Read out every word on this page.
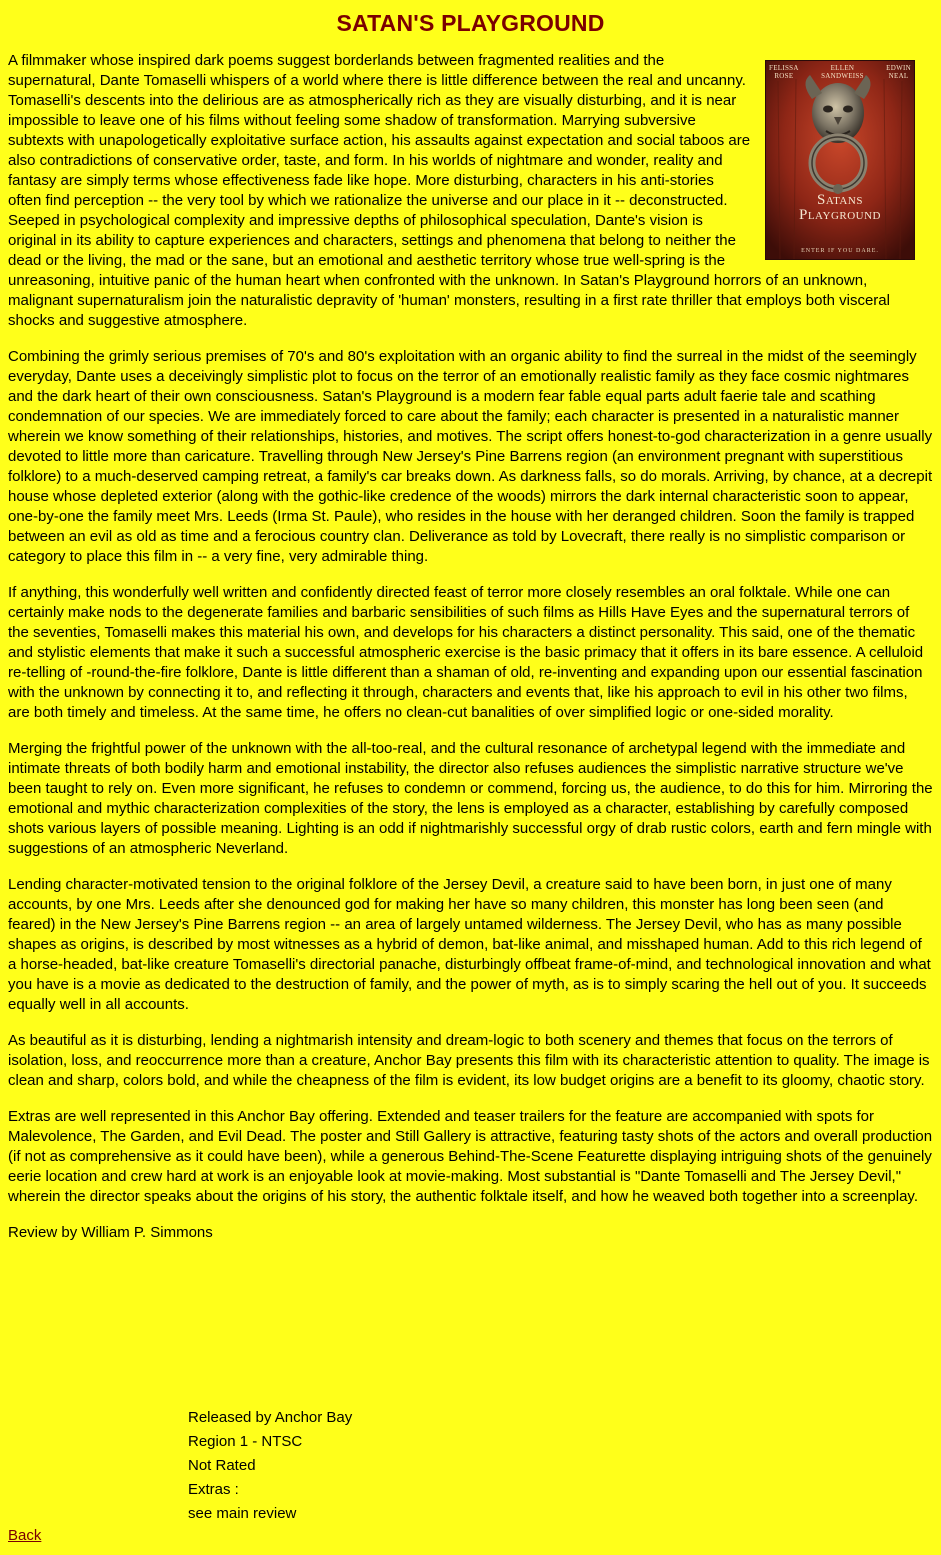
SATAN'S PLAYGROUND
FELISSA
ROSE
ELLEN
SANDWEISS
EDWIN
NEAL
Satans
Playground
ENTER IF YOU DARE.

A filmmaker whose inspired dark poems suggest borderlands between fragmented realities and the supernatural, Dante Tomaselli whispers of a world where there is little difference between the real and uncanny. Tomaselli's descents into the delirious are as atmospherically rich as they are visually disturbing, and it is near impossible to leave one of his films without feeling some shadow of transformation. Marrying subversive subtexts with unapologetically exploitative surface action, his assaults against expectation and social taboos are also contradictions of conservative order, taste, and form. In his worlds of nightmare and wonder, reality and fantasy are simply terms whose effectiveness fade like hope. More disturbing, characters in his anti-stories often find perception -- the very tool by which we rationalize the universe and our place in it -- deconstructed. Seeped in psychological complexity and impressive depths of philosophical speculation, Dante's vision is original in its ability to capture experiences and characters, settings and phenomena that belong to neither the dead or the living, the mad or the sane, but an emotional and aesthetic territory whose true well-spring is the unreasoning, intuitive panic of the human heart when confronted with the unknown. In Satan's Playground horrors of an unknown, malignant supernaturalism join the naturalistic depravity of 'human' monsters, resulting in a first rate thriller that employs both visceral shocks and suggestive atmosphere.

Combining the grimly serious premises of 70's and 80's exploitation with an organic ability to find the surreal in the midst of the seemingly everyday, Dante uses a deceivingly simplistic plot to focus on the terror of an emotionally realistic family as they face cosmic nightmares and the dark heart of their own consciousness. Satan's Playground is a modern fear fable equal parts adult faerie tale and scathing condemnation of our species. We are immediately forced to care about the family; each character is presented in a naturalistic manner wherein we know something of their relationships, histories, and motives. The script offers honest-to-god characterization in a genre usually devoted to little more than caricature. Travelling through New Jersey's Pine Barrens region (an environment pregnant with superstitious folklore) to a much-deserved camping retreat, a family's car breaks down. As darkness falls, so do morals. Arriving, by chance, at a decrepit house whose depleted exterior (along with the gothic-like credence of the woods) mirrors the dark internal characteristic soon to appear, one-by-one the family meet Mrs. Leeds (Irma St. Paule), who resides in the house with her deranged children. Soon the family is trapped between an evil as old as time and a ferocious country clan. Deliverance as told by Lovecraft, there really is no simplistic comparison or category to place this film in -- a very fine, very admirable thing.

If anything, this wonderfully well written and confidently directed feast of terror more closely resembles an oral folktale. While one can certainly make nods to the degenerate families and barbaric sensibilities of such films as Hills Have Eyes and the supernatural terrors of the seventies, Tomaselli makes this material his own, and develops for his characters a distinct personality. This said, one of the thematic and stylistic elements that make it such a successful atmospheric exercise is the basic primacy that it offers in its bare essence. A celluloid re-telling of -round-the-fire folklore, Dante is little different than a shaman of old, re-inventing and expanding upon our essential fascination with the unknown by connecting it to, and reflecting it through, characters and events that, like his approach to evil in his other two films, are both timely and timeless. At the same time, he offers no clean-cut banalities of over simplified logic or one-sided morality.

Merging the frightful power of the unknown with the all-too-real, and the cultural resonance of archetypal legend with the immediate and intimate threats of both bodily harm and emotional instability, the director also refuses audiences the simplistic narrative structure we've been taught to rely on. Even more significant, he refuses to condemn or commend, forcing us, the audience, to do this for him. Mirroring the emotional and mythic characterization complexities of the story, the lens is employed as a character, establishing by carefully composed shots various layers of possible meaning. Lighting is an odd if nightmarishly successful orgy of drab rustic colors, earth and fern mingle with suggestions of an atmospheric Neverland.

Lending character-motivated tension to the original folklore of the Jersey Devil, a creature said to have been born, in just one of many accounts, by one Mrs. Leeds after she denounced god for making her have so many children, this monster has long been seen (and feared) in the New Jersey's Pine Barrens region -- an area of largely untamed wilderness. The Jersey Devil, who has as many possible shapes as origins, is described by most witnesses as a hybrid of demon, bat-like animal, and misshaped human. Add to this rich legend of a horse-headed, bat-like creature Tomaselli's directorial panache, disturbingly offbeat frame-of-mind, and technological innovation and what you have is a movie as dedicated to the destruction of family, and the power of myth, as is to simply scaring the hell out of you. It succeeds equally well in all accounts.

As beautiful as it is disturbing, lending a nightmarish intensity and dream-logic to both scenery and themes that focus on the terrors of isolation, loss, and reoccurrence more than a creature, Anchor Bay presents this film with its characteristic attention to quality. The image is clean and sharp, colors bold, and while the cheapness of the film is evident, its low budget origins are a benefit to its gloomy, chaotic story.

Extras are well represented in this Anchor Bay offering. Extended and teaser trailers for the feature are accompanied with spots for Malevolence, The Garden, and Evil Dead. The poster and Still Gallery is attractive, featuring tasty shots of the actors and overall production (if not as comprehensive as it could have been), while a generous Behind-The-Scene Featurette displaying intriguing shots of the genuinely eerie location and crew hard at work is an enjoyable look at movie-making. Most substantial is "Dante Tomaselli and The Jersey Devil," wherein the director speaks about the origins of his story, the authentic folktale itself, and how he weaved both together into a screenplay.

Review by William P. Simmons

Released by Anchor Bay
Region 1 - NTSC
Not Rated
Extras :
see main review
Back
